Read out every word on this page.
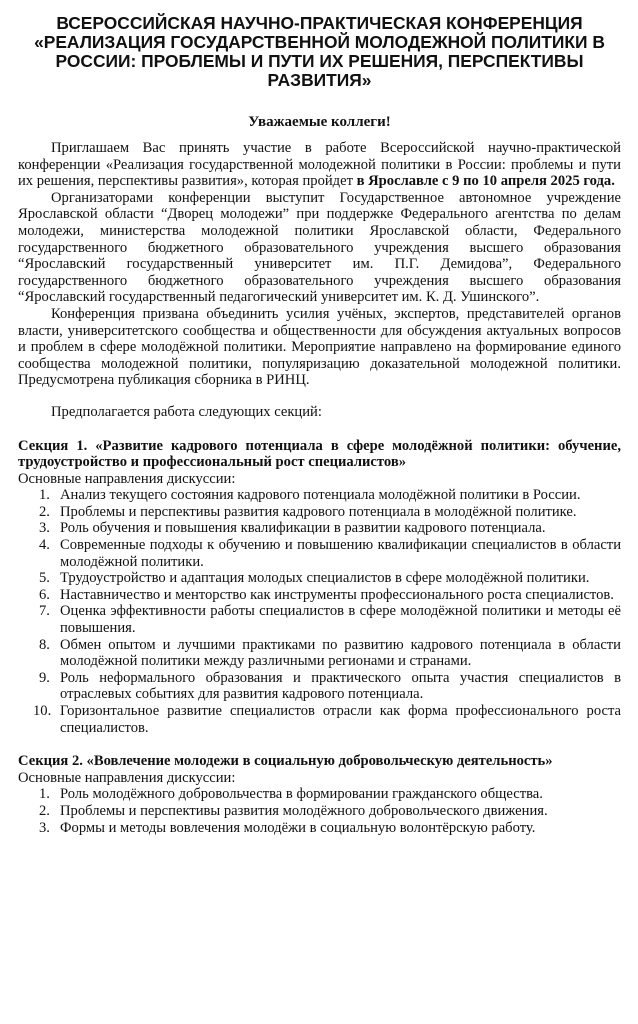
ВСЕРОССИЙСКАЯ НАУЧНО-ПРАКТИЧЕСКАЯ КОНФЕРЕНЦИЯ «РЕАЛИЗАЦИЯ ГОСУДАРСТВЕННОЙ МОЛОДЕЖНОЙ ПОЛИТИКИ В РОССИИ: ПРОБЛЕМЫ И ПУТИ ИХ РЕШЕНИЯ, ПЕРСПЕКТИВЫ РАЗВИТИЯ»
Уважаемые коллеги!

Приглашаем Вас принять участие в работе Всероссийской научно-практической конференции «Реализация государственной молодежной политики в России: проблемы и пути их решения, перспективы развития», которая пройдет в Ярославле с 9 по 10 апреля 2025 года.

Организаторами конференции выступит Государственное автономное учреждение Ярославской области “Дворец молодежи” при поддержке Федерального агентства по делам молодежи, министерства молодежной политики Ярославской области, Федерального государственного бюджетного образовательного учреждения высшего образования “Ярославский государственный университет им. П.Г. Демидова”, Федерального государственного бюджетного образовательного учреждения высшего образования “Ярославский государственный педагогический университет им. К. Д. Ушинского”.

Конференция призвана объединить усилия учёных, экспертов, представителей органов власти, университетского сообщества и общественности для обсуждения актуальных вопросов и проблем в сфере молодёжной политики. Мероприятие направлено на формирование единого сообщества молодежной политики, популяризацию доказательной молодежной политики. Предусмотрена публикация сборника в РИНЦ.

Предполагается работа следующих секций:

Секция 1. «Развитие кадрового потенциала в сфере молодёжной политики: обучение, трудоустройство и профессиональный рост специалистов»
Основные направления дискуссии:
1. Анализ текущего состояния кадрового потенциала молодёжной политики в России.
2. Проблемы и перспективы развития кадрового потенциала в молодёжной политике.
3. Роль обучения и повышения квалификации в развитии кадрового потенциала.
4. Современные подходы к обучению и повышению квалификации специалистов в области молодёжной политики.
5. Трудоустройство и адаптация молодых специалистов в сфере молодёжной политики.
6. Наставничество и менторство как инструменты профессионального роста специалистов.
7. Оценка эффективности работы специалистов в сфере молодёжной политики и методы её повышения.
8. Обмен опытом и лучшими практиками по развитию кадрового потенциала в области молодёжной политики между различными регионами и странами.
9. Роль неформального образования и практического опыта участия специалистов в отраслевых событиях для развития кадрового потенциала.
10. Горизонтальное развитие специалистов отрасли как форма профессионального роста специалистов.
Секция 2. «Вовлечение молодежи в социальную добровольческую деятельность»
Основные направления дискуссии:
1. Роль молодёжного добровольчества в формировании гражданского общества.
2. Проблемы и перспективы развития молодёжного добровольческого движения.
3. Формы и методы вовлечения молодёжи в социальную волонтёрскую работу.
